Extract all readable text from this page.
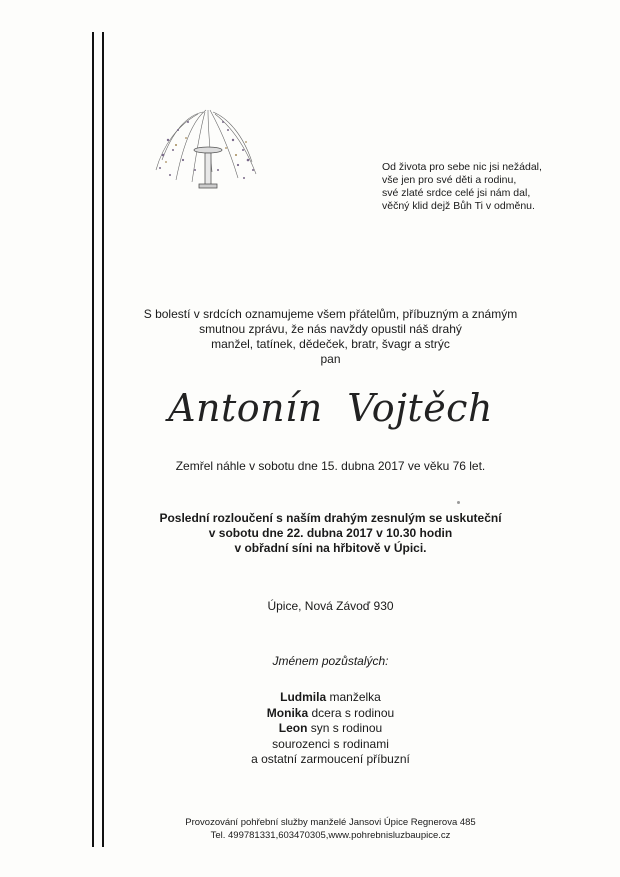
Od života pro sebe nic jsi nežádal,
vše jen pro své děti a rodinu,
své zlaté srdce celé jsi nám dal,
věčný klid dejž Bůh Ti v odměnu.
S bolestí v srdcích oznamujeme všem přátelům, příbuzným a známým
smutnou zprávu, že nás navždy opustil náš drahý
manžel, tatínek, dědeček, bratr, švagr a strýc
pan
Antonín Vojtěch
Zemřel náhle v sobotu dne 15. dubna 2017 ve věku 76 let.
Poslední rozloučení s naším drahým zesnulým se uskuteční
v sobotu dne 22. dubna 2017 v 10.30 hodin
v obřadní síni na hřbitově v Úpici.
Úpice, Nová Závoď 930
Jménem pozůstalých:
Ludmila manželka
Monika dcera s rodinou
Leon syn s rodinou
sourozenci s rodinami
a ostatní zarmoucení příbuzní
Provozování pohřební služby manželé Jansovi Úpice Regnerova 485
Tel. 499781331,603470305,www.pohrebnisluzbaupice.cz
